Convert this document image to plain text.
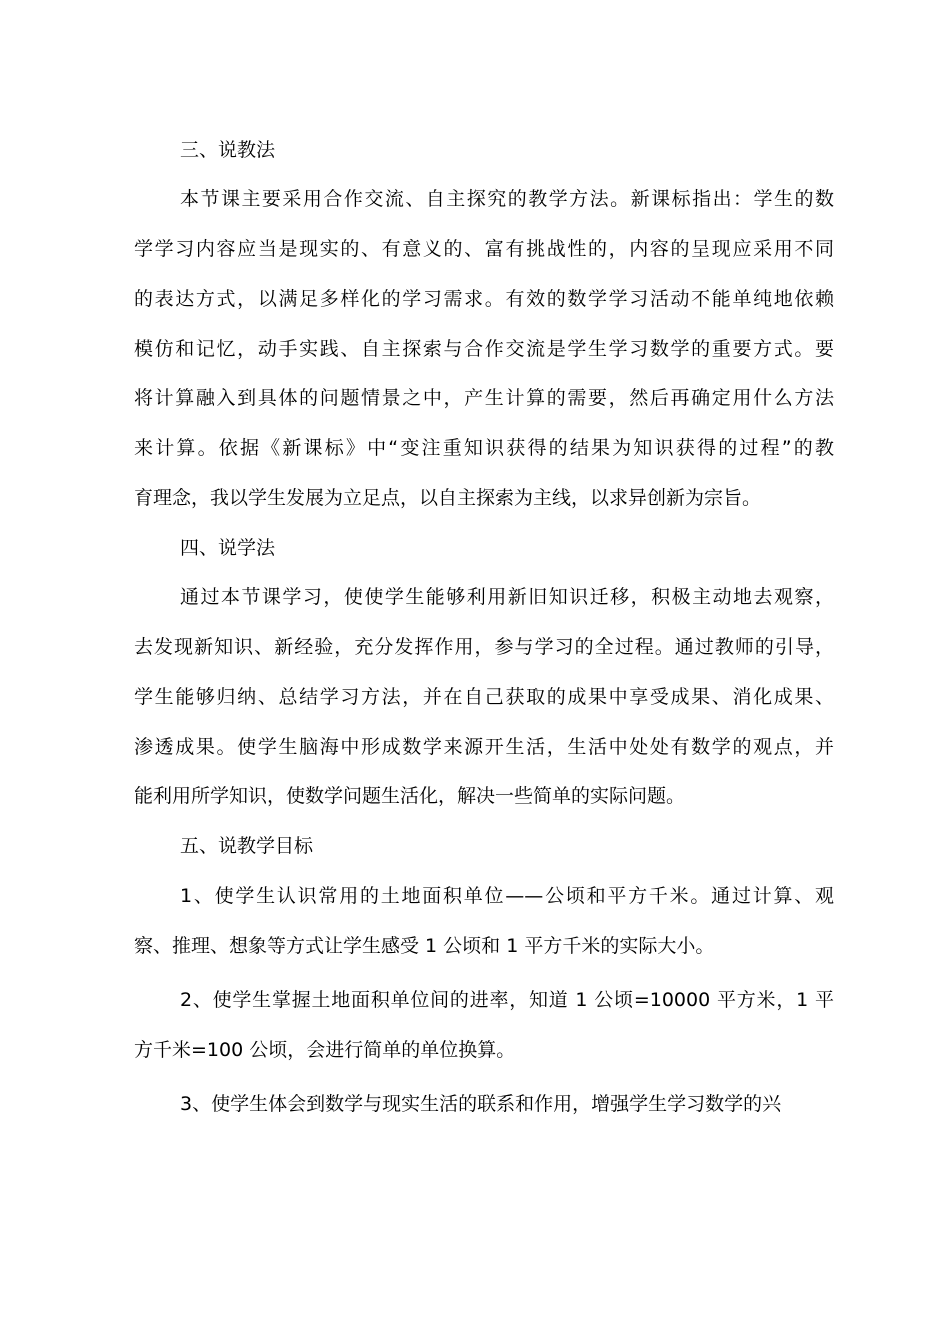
三、说教法
本节课主要采用合作交流、自主探究的教学方法。新课标指出：学生的数
学学习内容应当是现实的、有意义的、富有挑战性的，内容的呈现应采用不同
的表达方式，以满足多样化的学习需求。有效的数学学习活动不能单纯地依赖
模仿和记忆，动手实践、自主探索与合作交流是学生学习数学的重要方式。要
将计算融入到具体的问题情景之中，产生计算的需要，然后再确定用什么方法
来计算。依据《新课标》中“变注重知识获得的结果为知识获得的过程”的教
育理念，我以学生发展为立足点，以自主探索为主线，以求异创新为宗旨。
四、说学法
通过本节课学习，使使学生能够利用新旧知识迁移，积极主动地去观察，
去发现新知识、新经验，充分发挥作用，参与学习的全过程。通过教师的引导，
学生能够归纳、总结学习方法，并在自己获取的成果中享受成果、消化成果、
渗透成果。使学生脑海中形成数学来源开生活，生活中处处有数学的观点，并
能利用所学知识，使数学问题生活化，解决一些简单的实际问题。
五、说教学目标
1、使学生认识常用的土地面积单位——公顷和平方千米。通过计算、观
察、推理、想象等方式让学生感受 1 公顷和 1 平方千米的实际大小。
2、使学生掌握土地面积单位间的进率，知道 1 公顷=10000 平方米，1 平
方千米=100 公顷，会进行简单的单位换算。
3、使学生体会到数学与现实生活的联系和作用，增强学生学习数学的兴
